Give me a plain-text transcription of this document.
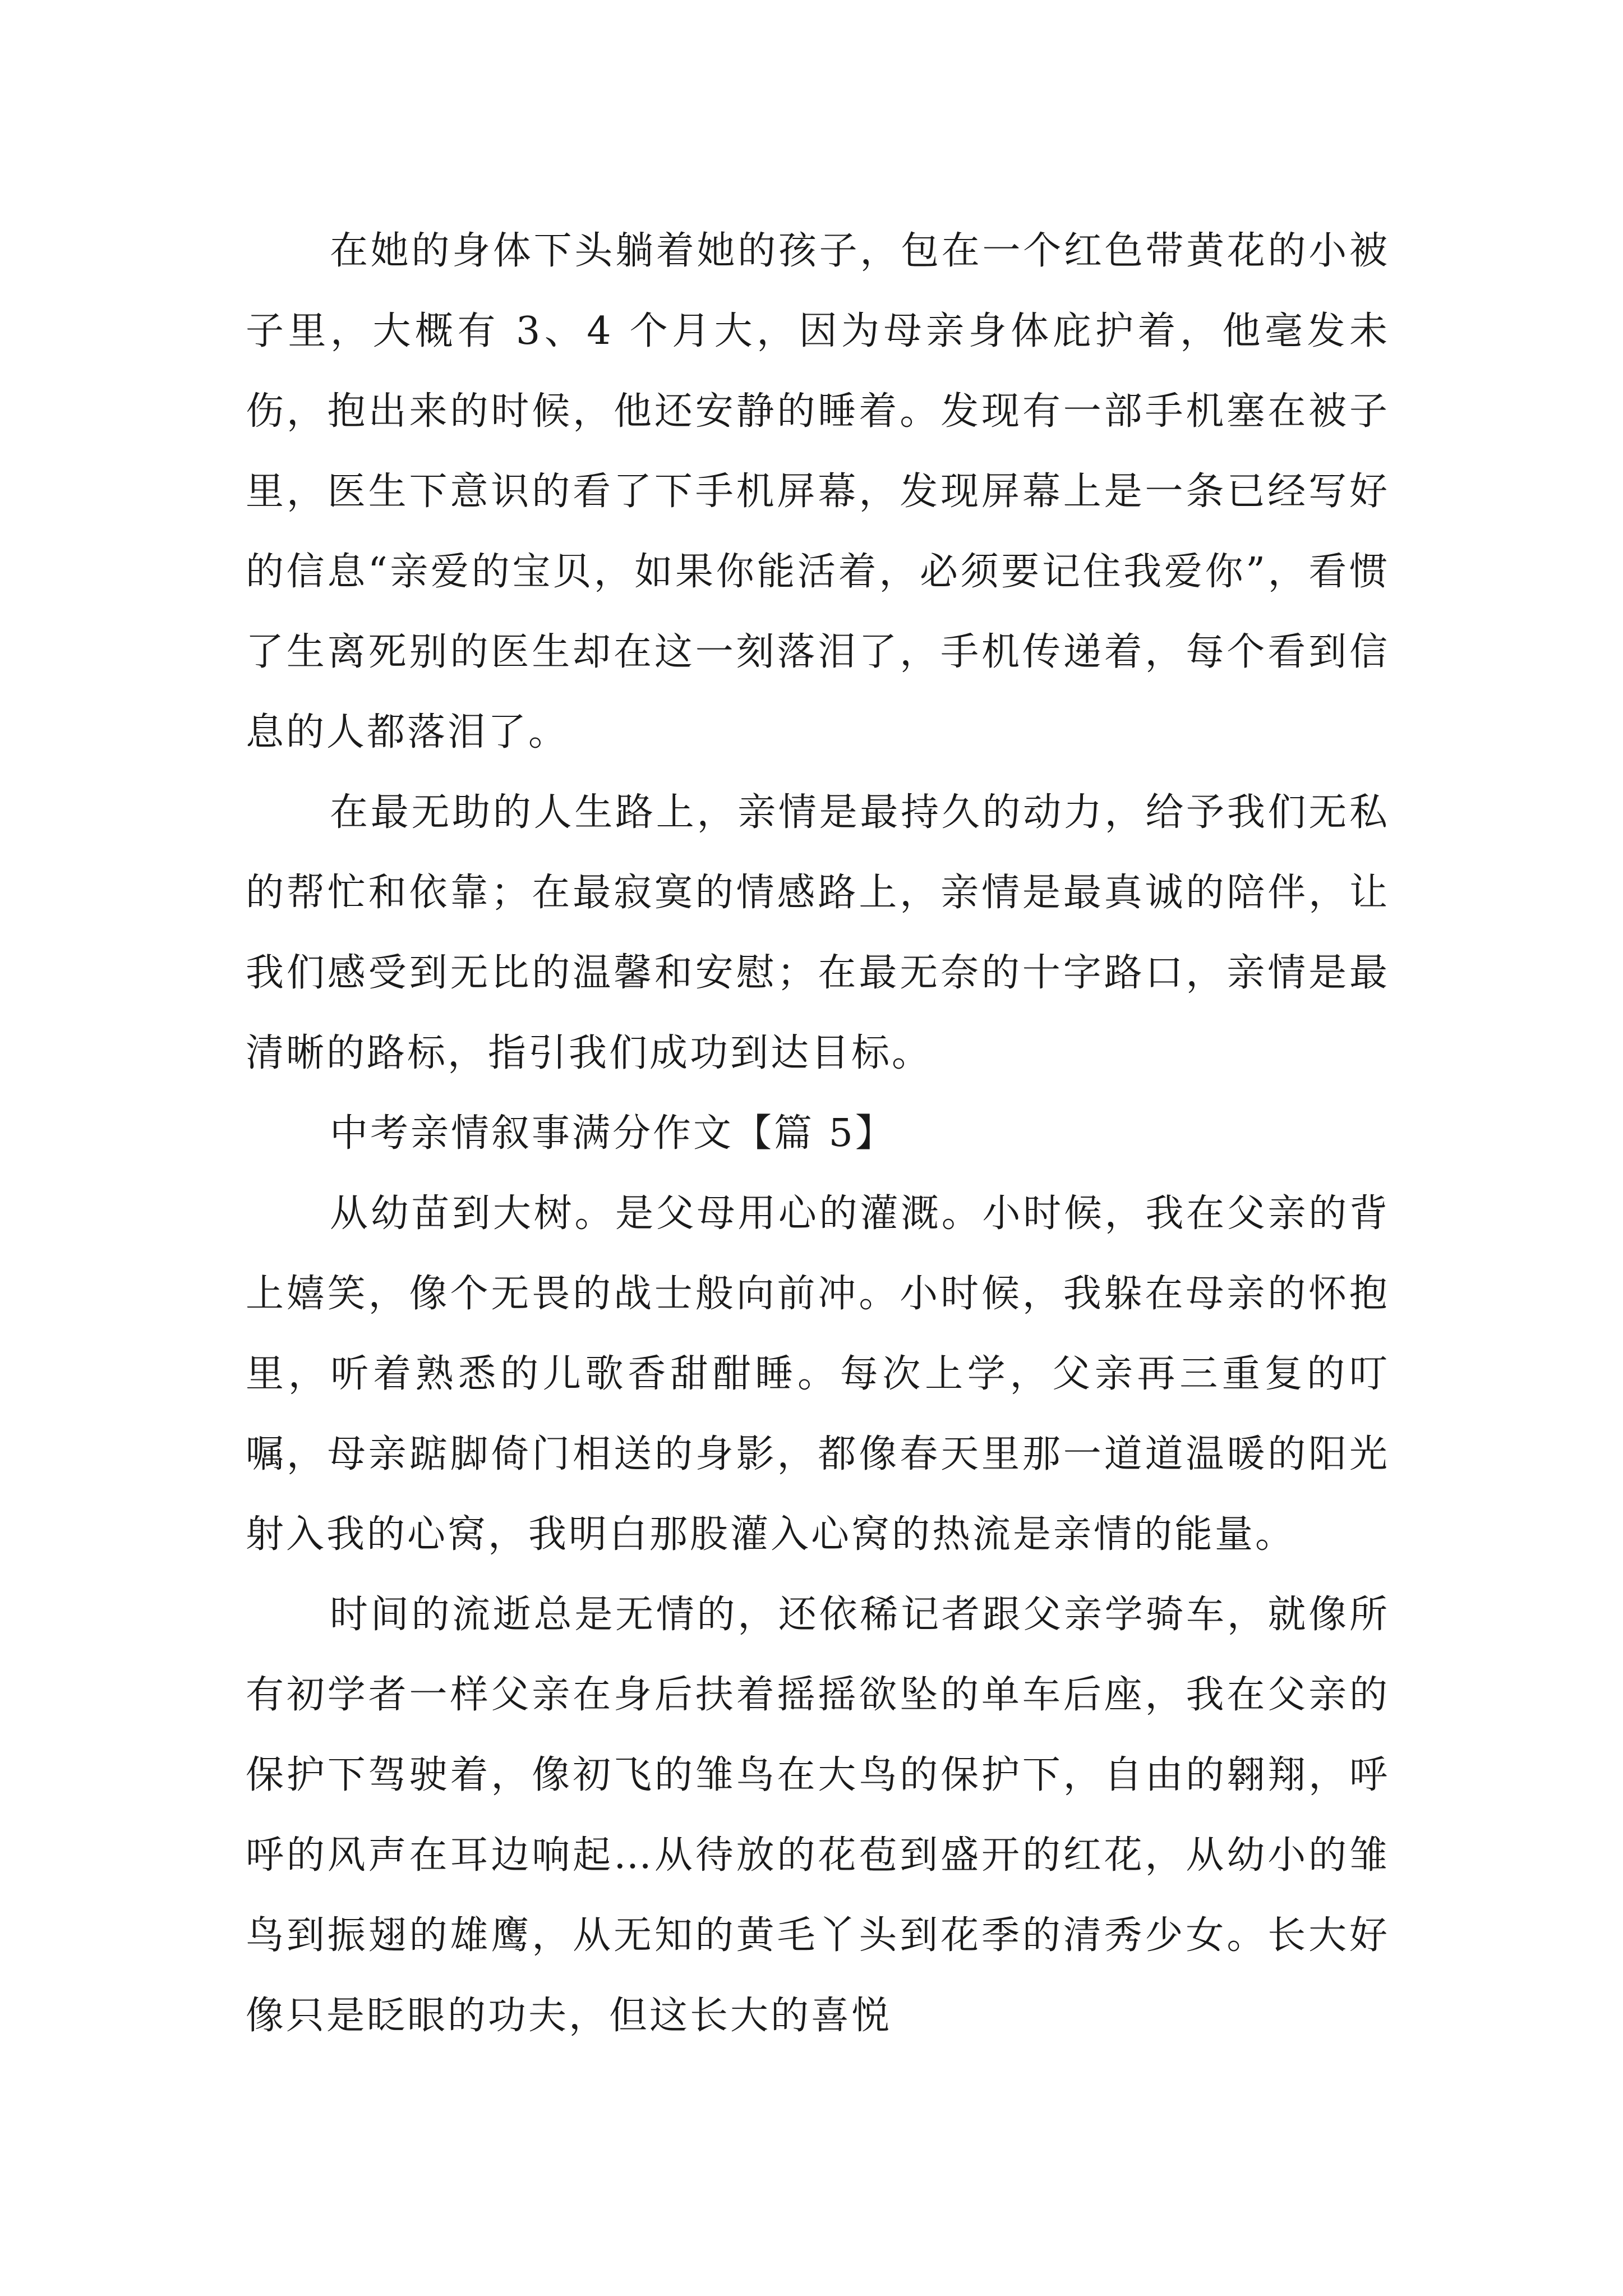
在她的身体下头躺着她的孩子，包在一个红色带黄花的小被子里，大概有 3、4 个月大，因为母亲身体庇护着，他毫发未伤，抱出来的时候，他还安静的睡着。发现有一部手机塞在被子里，医生下意识的看了下手机屏幕，发现屏幕上是一条已经写好的信息“亲爱的宝贝，如果你能活着，必须要记住我爱你”，看惯了生离死别的医生却在这一刻落泪了，手机传递着，每个看到信息的人都落泪了。

在最无助的人生路上，亲情是最持久的动力，给予我们无私的帮忙和依靠；在最寂寞的情感路上，亲情是最真诚的陪伴，让我们感受到无比的温馨和安慰；在最无奈的十字路口，亲情是最清晰的路标，指引我们成功到达目标。

中考亲情叙事满分作文【篇 5】

从幼苗到大树。是父母用心的灌溉。小时候，我在父亲的背上嬉笑，像个无畏的战士般向前冲。小时候，我躲在母亲的怀抱里，听着熟悉的儿歌香甜酣睡。每次上学，父亲再三重复的叮嘱，母亲踮脚倚门相送的身影，都像春天里那一道道温暖的阳光射入我的心窝，我明白那股灌入心窝的热流是亲情的能量。

时间的流逝总是无情的，还依稀记者跟父亲学骑车，就像所有初学者一样父亲在身后扶着摇摇欲坠的单车后座，我在父亲的保护下驾驶着，像初飞的雏鸟在大鸟的保护下，自由的翱翔，呼呼的风声在耳边响起…从待放的花苞到盛开的红花，从幼小的雏鸟到振翅的雄鹰，从无知的黄毛丫头到花季的清秀少女。长大好像只是眨眼的功夫，但这长大的喜悦
